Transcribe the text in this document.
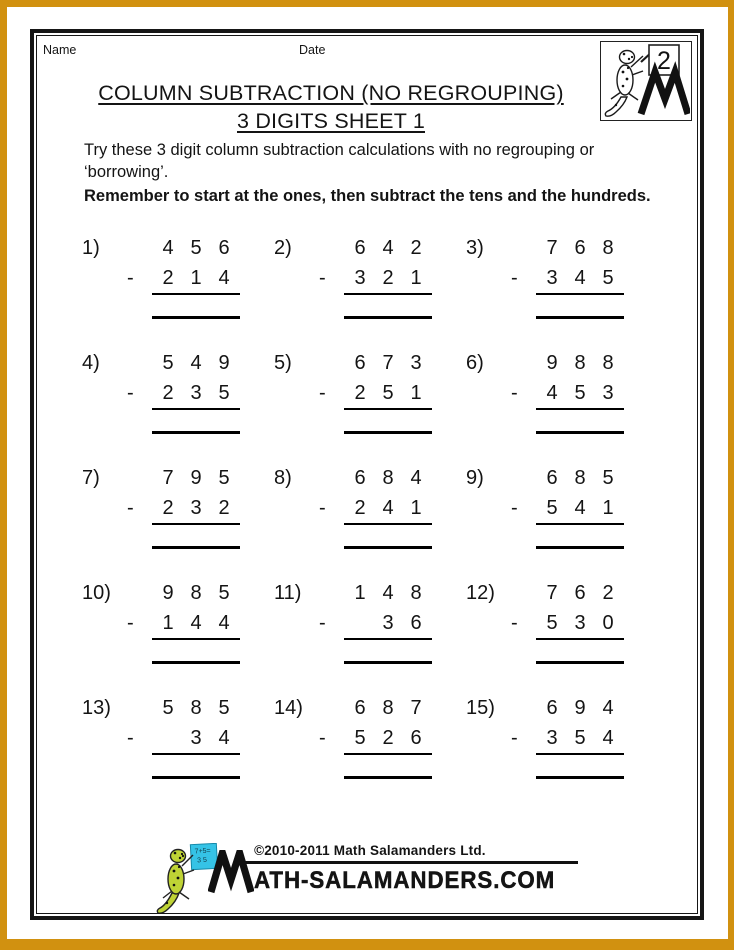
Name	Date	2
COLUMN SUBTRACTION (NO REGROUPING)
3 DIGITS SHEET 1

Try these 3 digit column subtraction calculations with no regrouping or ‘borrowing’.

Remember to start at the ones, then subtract the tens and the hundreds.

1)	4 5 6
-	2 1 4
2)	6 4 2
-	3 2 1
3)	7 6 8
-	3 4 5
4)	5 4 9
-	2 3 5
5)	6 7 3
-	2 5 1
6)	9 8 8
-	4 5 3
7)	7 9 5
-	2 3 2
8)	6 8 4
-	2 4 1
9)	6 8 5
-	5 4 1
10)	9 8 5
-	1 4 4
11)	1 4 8
-	3 6
12)	7 6 2
-	5 3 0
13)	5 8 5
-	3 4
14)	6 8 7
-	5 2 6
15)	6 9 4
-	3 5 4
7+5=
3 5
©2010-2011 Math Salamanders Ltd.
ATH-SALAMANDERS.COM
